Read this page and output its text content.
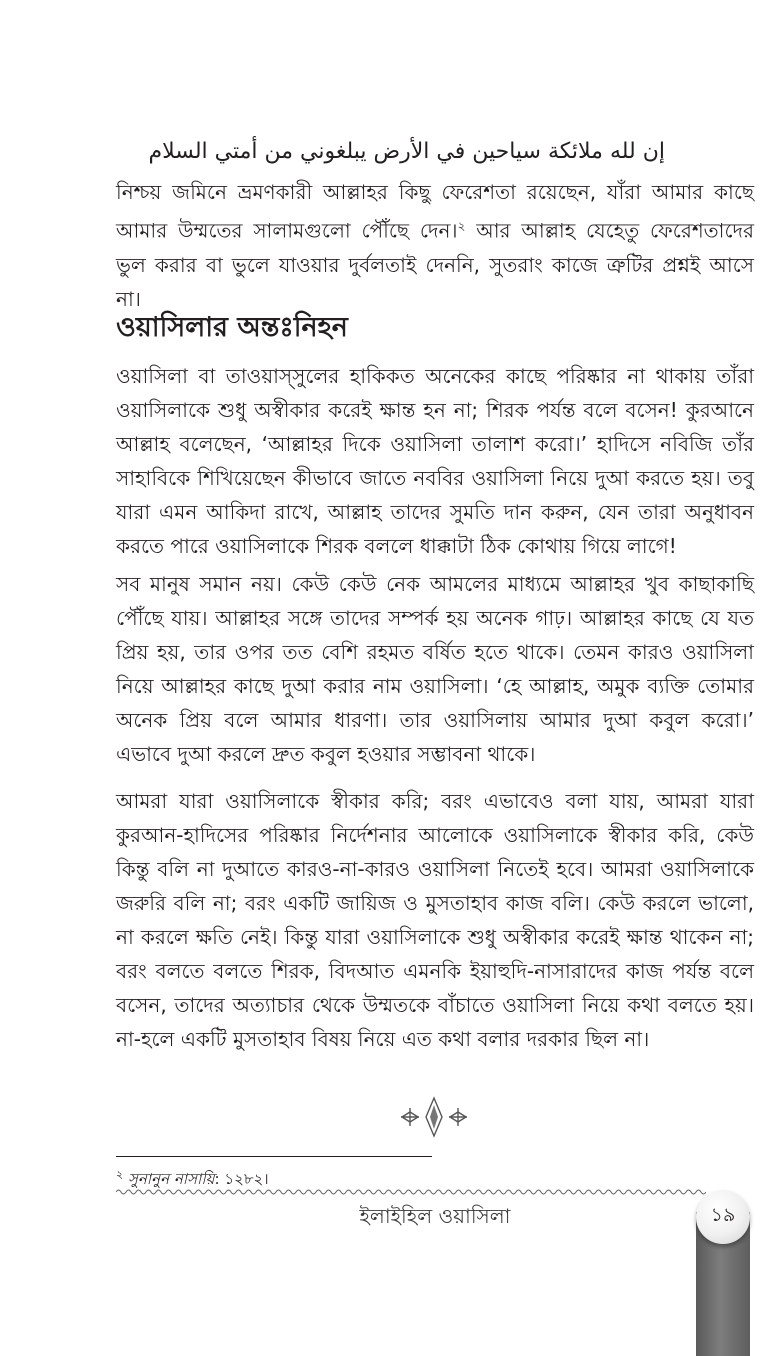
إن لله ملائكة سياحين في الأرض يبلغوني من أمتي السلام

নিশ্চয় জমিনে ভ্রমণকারী আল্লাহর কিছু ফেরেশতা রয়েছেন, যাঁরা আমার কাছে আমার উম্মতের সালামগুলো পৌঁছে দেন।$^২$ আর আল্লাহ যেহেতু ফেরেশতাদের ভুল করার বা ভুলে যাওয়ার দুর্বলতাই দেননি, সুতরাং কাজে ত্রুটির প্রশ্নই আসে না।

ওয়াসিলার অন্তঃনিহন

ওয়াসিলা বা তাওয়াস্সুলের হাকিকত অনেকের কাছে পরিষ্কার না থাকায় তাঁরা ওয়াসিলাকে শুধু অস্বীকার করেই ক্ষান্ত হন না; শিরক পর্যন্ত বলে বসেন! কুরআনে আল্লাহ বলেছেন, ‘আল্লাহর দিকে ওয়াসিলা তালাশ করো।’ হাদিসে নবিজি তাঁর সাহাবিকে শিখিয়েছেন কীভাবে জাতে নববির ওয়াসিলা নিয়ে দুআ করতে হয়। তবু যারা এমন আকিদা রাখে, আল্লাহ তাদের সুমতি দান করুন, যেন তারা অনুধাবন করতে পারে ওয়াসিলাকে শিরক বললে ধাক্কাটা ঠিক কোথায় গিয়ে লাগে!

সব মানুষ সমান নয়। কেউ কেউ নেক আমলের মাধ্যমে আল্লাহর খুব কাছাকাছি পৌঁছে যায়। আল্লাহর সঙ্গে তাদের সম্পর্ক হয় অনেক গাঢ়। আল্লাহর কাছে যে যত প্রিয় হয়, তার ওপর তত বেশি রহমত বর্ষিত হতে থাকে। তেমন কারও ওয়াসিলা নিয়ে আল্লাহর কাছে দুআ করার নাম ওয়াসিলা। ‘হে আল্লাহ, অমুক ব্যক্তি তোমার অনেক প্রিয় বলে আমার ধারণা। তার ওয়াসিলায় আমার দুআ কবুল করো।’ এভাবে দুআ করলে দ্রুত কবুল হওয়ার সম্ভাবনা থাকে।

আমরা যারা ওয়াসিলাকে স্বীকার করি; বরং এভাবেও বলা যায়, আমরা যারা কুরআন-হাদিসের পরিষ্কার নির্দেশনার আলোকে ওয়াসিলাকে স্বীকার করি, কেউ কিন্তু বলি না দুআতে কারও-না-কারও ওয়াসিলা নিতেই হবে। আমরা ওয়াসিলাকে জরুরি বলি না; বরং একটি জায়িজ ও মুসতাহাব কাজ বলি। কেউ করলে ভালো, না করলে ক্ষতি নেই। কিন্তু যারা ওয়াসিলাকে শুধু অস্বীকার করেই ক্ষান্ত থাকেন না; বরং বলতে বলতে শিরক, বিদআত এমনকি ইয়াহুদি-নাসারাদের কাজ পর্যন্ত বলে বসেন, তাদের অত্যাচার থেকে উম্মতকে বাঁচাতে ওয়াসিলা নিয়ে কথা বলতে হয়। না-হলে একটি মুসতাহাব বিষয় নিয়ে এত কথা বলার দরকার ছিল না।

$^২$ সুনানুন নাসায়ি: ১২৮২।
ইলাইহিল ওয়াসিলা	১৯
